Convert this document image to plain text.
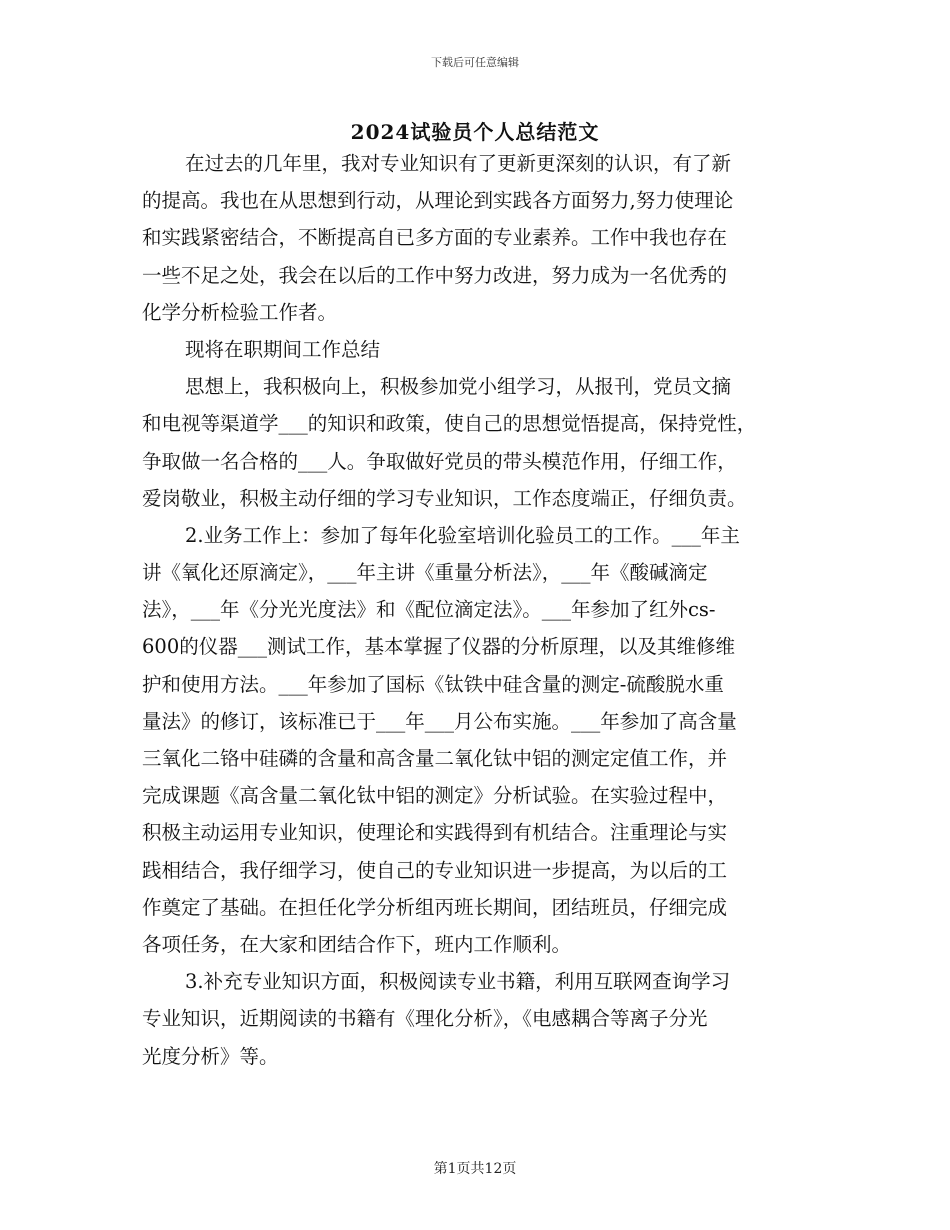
下载后可任意编辑
2024试验员个人总结范文
在过去的几年里，我对专业知识有了更新更深刻的认识，有了新
的提高。我也在从思想到行动，从理论到实践各方面努力,努力使理论
和实践紧密结合，不断提高自已多方面的专业素养。工作中我也存在
一些不足之处，我会在以后的工作中努力改进，努力成为一名优秀的
化学分析检验工作者。
现将在职期间工作总结
思想上，我积极向上，积极参加党小组学习，从报刊，党员文摘
和电视等渠道学___的知识和政策，使自己的思想觉悟提高，保持党性，
争取做一名合格的___人。争取做好党员的带头模范作用，仔细工作，
爱岗敬业，积极主动仔细的学习专业知识，工作态度端正，仔细负责。
2.业务工作上：参加了每年化验室培训化验员工的工作。___年主
讲《氧化还原滴定》，___年主讲《重量分析法》，___年《酸碱滴定
法》，___年《分光光度法》和《配位滴定法》。___年参加了红外cs-
600的仪器___测试工作，基本掌握了仪器的分析原理，以及其维修维
护和使用方法。___年参加了国标《钛铁中硅含量的测定-硫酸脱水重
量法》的修订，该标准已于___年___月公布实施。___年参加了高含量
三氧化二铬中硅磷的含量和高含量二氧化钛中铝的测定定值工作，并
完成课题《高含量二氧化钛中铝的测定》分析试验。在实验过程中，
积极主动运用专业知识，使理论和实践得到有机结合。注重理论与实
践相结合，我仔细学习，使自己的专业知识进一步提高，为以后的工
作奠定了基础。在担任化学分析组丙班长期间，团结班员，仔细完成
各项任务，在大家和团结合作下，班内工作顺利。
3.补充专业知识方面，积极阅读专业书籍，利用互联网查询学习
专业知识，近期阅读的书籍有《理化分析》，《电感耦合等离子分光
光度分析》等。
第1页共12页
